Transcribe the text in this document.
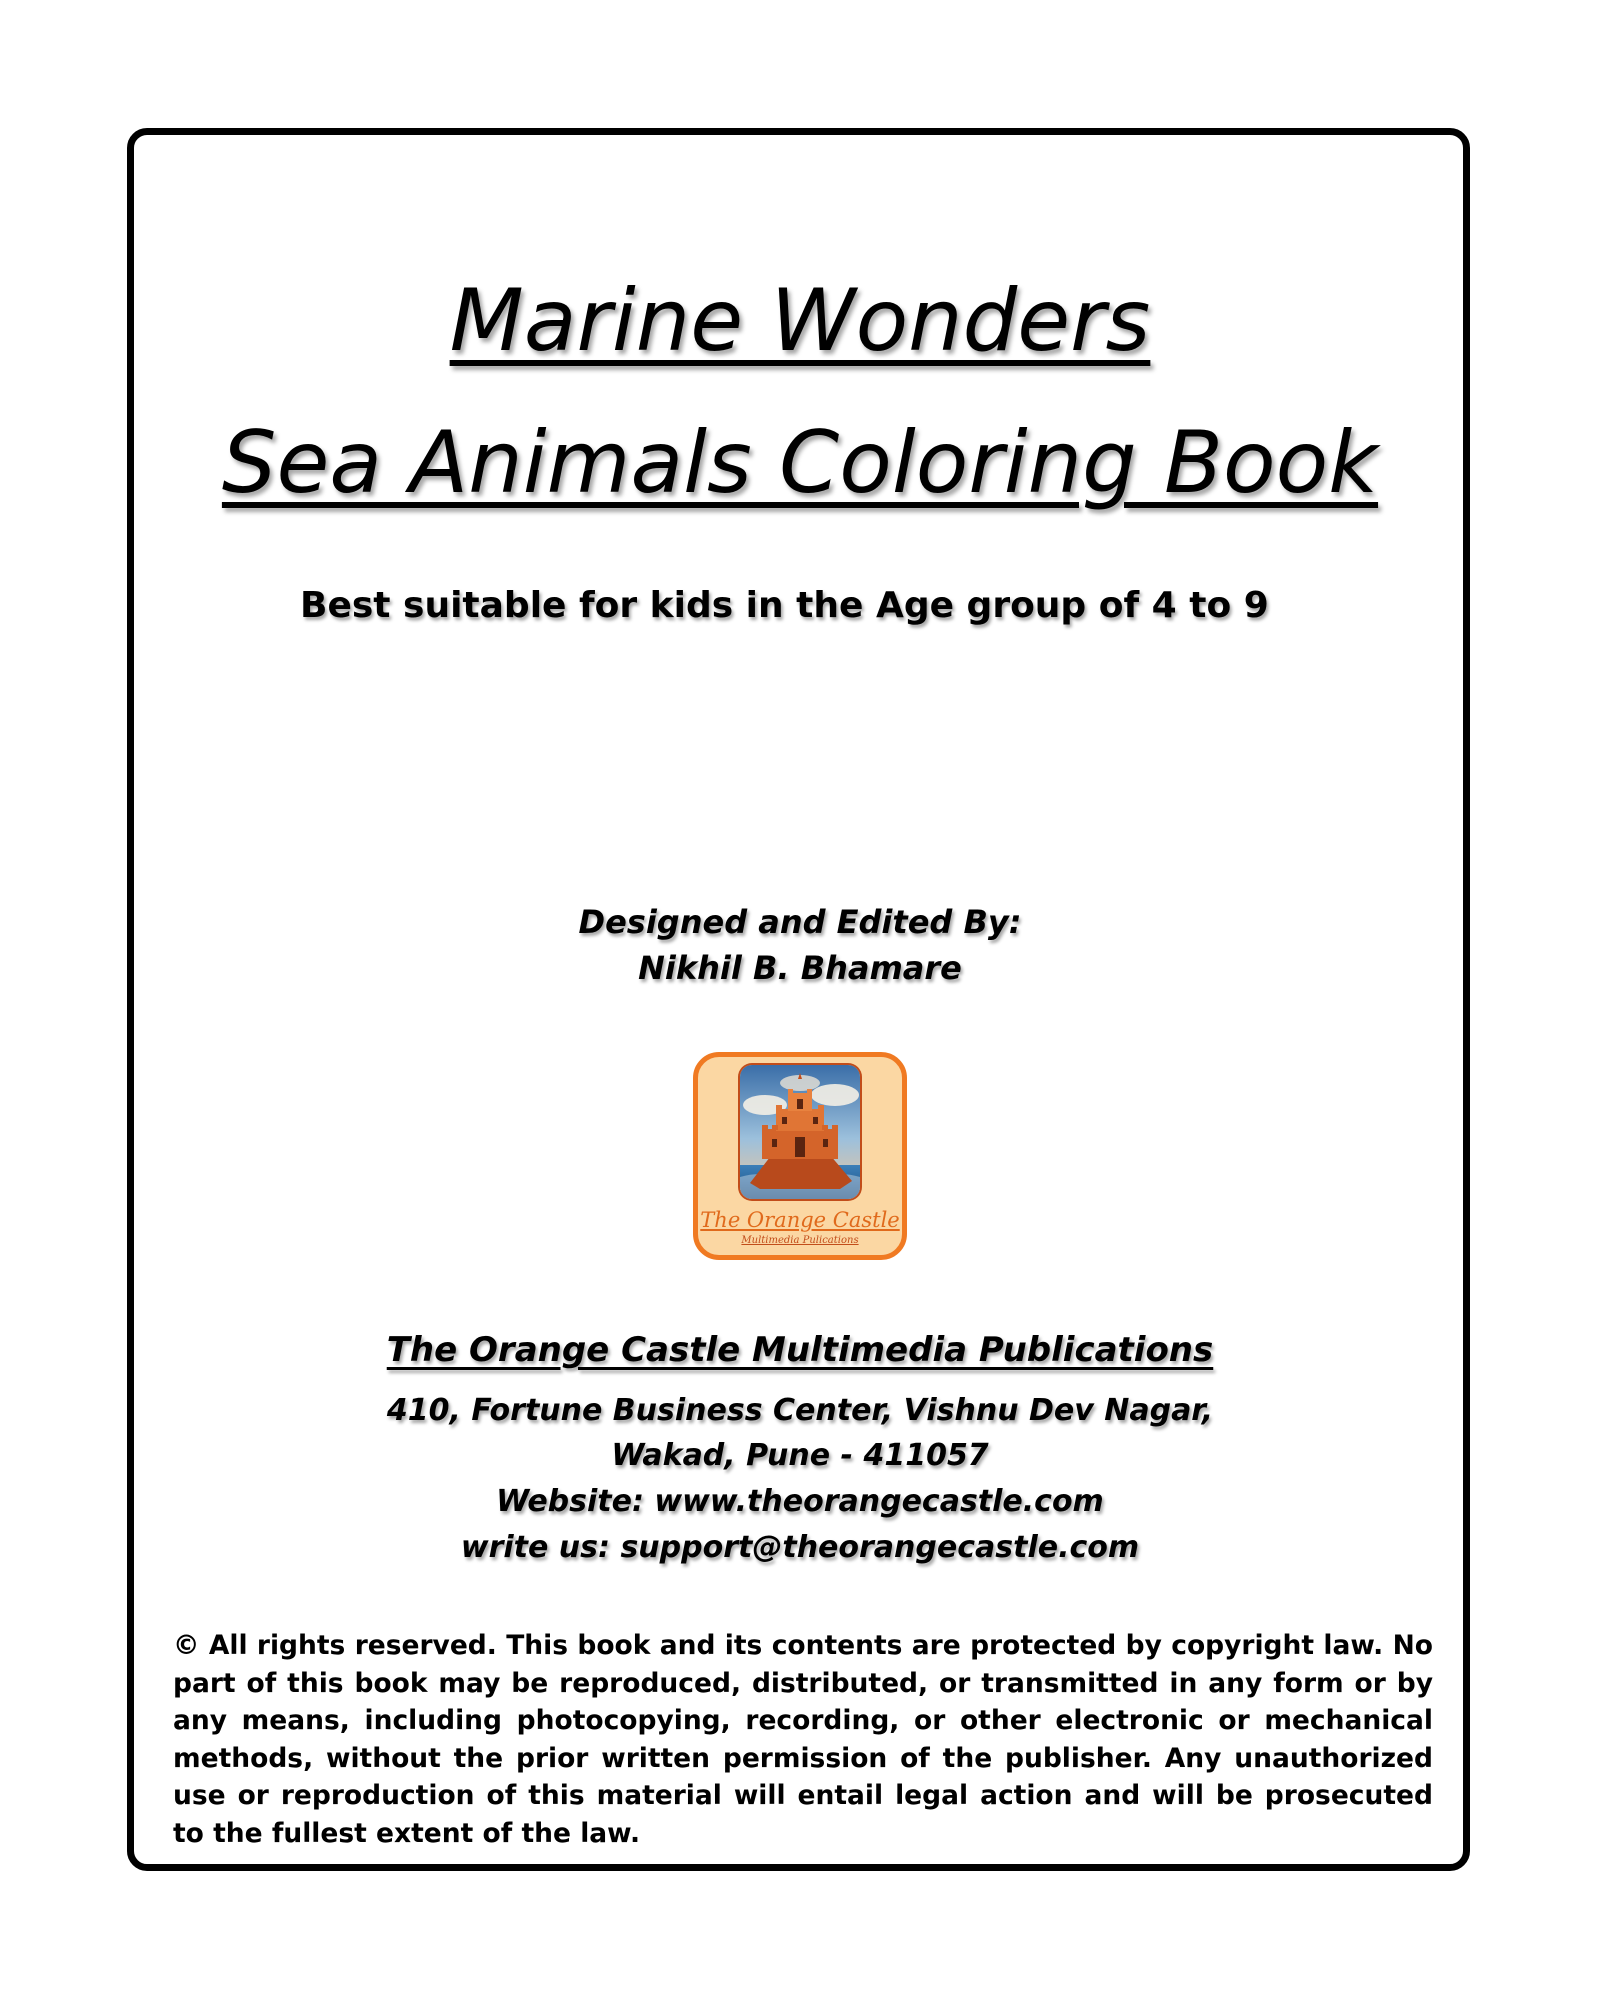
Marine Wonders
Sea Animals Coloring Book
Best suitable for kids in the Age group of 4 to 9
Designed and Edited By:
Nikhil B. Bhamare
The Orange Castle
Multimedia Pulications
The Orange Castle Multimedia Publications
410, Fortune Business Center, Vishnu Dev Nagar,
Wakad, Pune - 411057
Website: www.theorangecastle.com
write us: support@theorangecastle.com
© All rights reserved. This book and its contents are protected by copyright law. No part of this book may be reproduced, distributed, or transmitted in any form or by any means, including photocopying, recording, or other electronic or mechanical methods, without the prior written permission of the publisher. Any unauthorized use or reproduction of this material will entail legal action and will be prosecuted to the fullest extent of the law.
